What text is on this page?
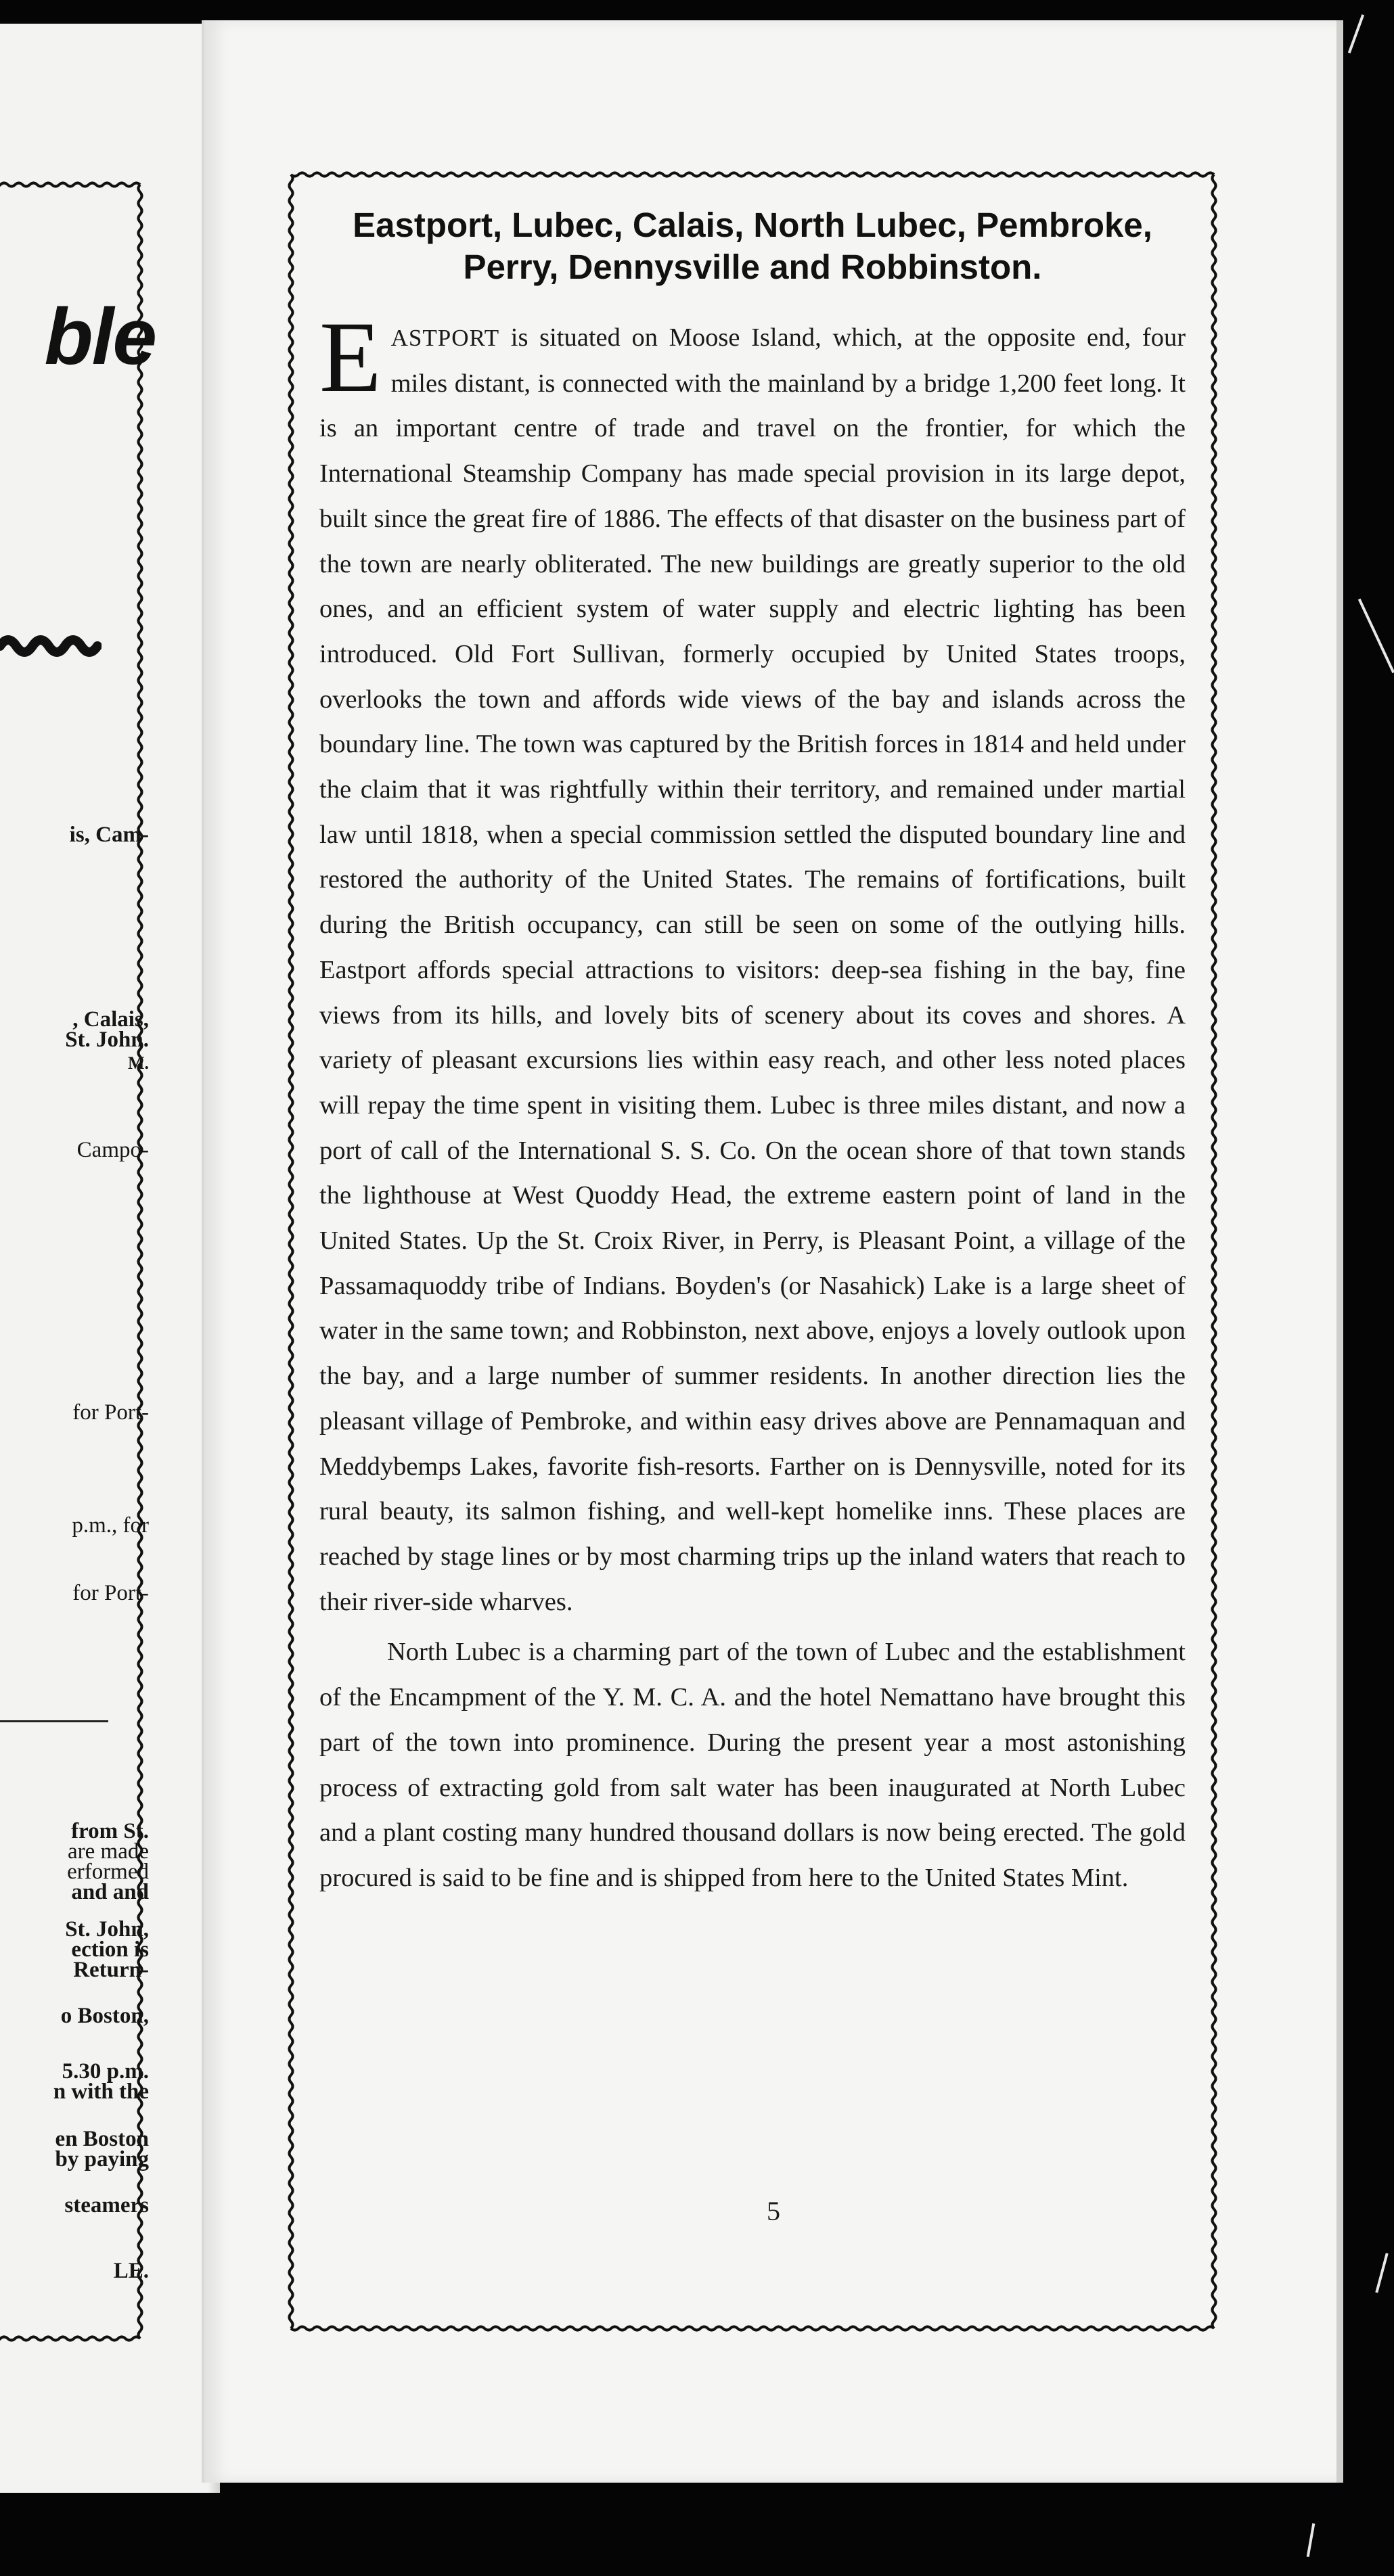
ble
is, Cam-
, Calais,
St. John.
M.
Campo-
for Port-
p.m., for
for Port-
from St.
are made
erformed
and and
St. John,
ection is
Return-
o Boston,
5.30 p.m.
n with the
en Boston
by paying
steamers
LE.
Eastport, Lubec, Calais, North Lubec, Pembroke, Perry, Dennysville and Robbinston.

EASTPORT is situated on Moose Island, which, at the opposite end, four miles distant, is connected with the mainland by a bridge 1,200 feet long. It is an important centre of trade and travel on the frontier, for which the International Steamship Company has made special provision in its large depot, built since the great fire of 1886. The effects of that disaster on the business part of the town are nearly obliterated. The new buildings are greatly superior to the old ones, and an efficient system of water supply and electric lighting has been introduced. Old Fort Sullivan, formerly occupied by United States troops, overlooks the town and affords wide views of the bay and islands across the boundary line. The town was captured by the British forces in 1814 and held under the claim that it was rightfully within their territory, and remained under martial law until 1818, when a special commission settled the disputed boundary line and restored the authority of the United States. The remains of fortifications, built during the British occupancy, can still be seen on some of the outlying hills. Eastport affords special attractions to visitors: deep-sea fishing in the bay, fine views from its hills, and lovely bits of scenery about its coves and shores. A variety of pleasant excursions lies within easy reach, and other less noted places will repay the time spent in visiting them. Lubec is three miles distant, and now a port of call of the International S. S. Co. On the ocean shore of that town stands the lighthouse at West Quoddy Head, the extreme eastern point of land in the United States. Up the St. Croix River, in Perry, is Pleasant Point, a village of the Passamaquoddy tribe of Indians. Boyden's (or Nasahick) Lake is a large sheet of water in the same town; and Robbinston, next above, enjoys a lovely outlook upon the bay, and a large number of summer residents. In another direction lies the pleasant village of Pembroke, and within easy drives above are Pennamaquan and Meddybemps Lakes, favorite fish-resorts. Farther on is Dennysville, noted for its rural beauty, its salmon fishing, and well-kept homelike inns. These places are reached by stage lines or by most charming trips up the inland waters that reach to their river-side wharves.

North Lubec is a charming part of the town of Lubec and the establishment of the Encampment of the Y. M. C. A. and the hotel Nemattano have brought this part of the town into prominence. During the present year a most astonishing process of extracting gold from salt water has been inaugurated at North Lubec and a plant costing many hundred thousand dollars is now being erected. The gold procured is said to be fine and is shipped from here to the United States Mint.

5
